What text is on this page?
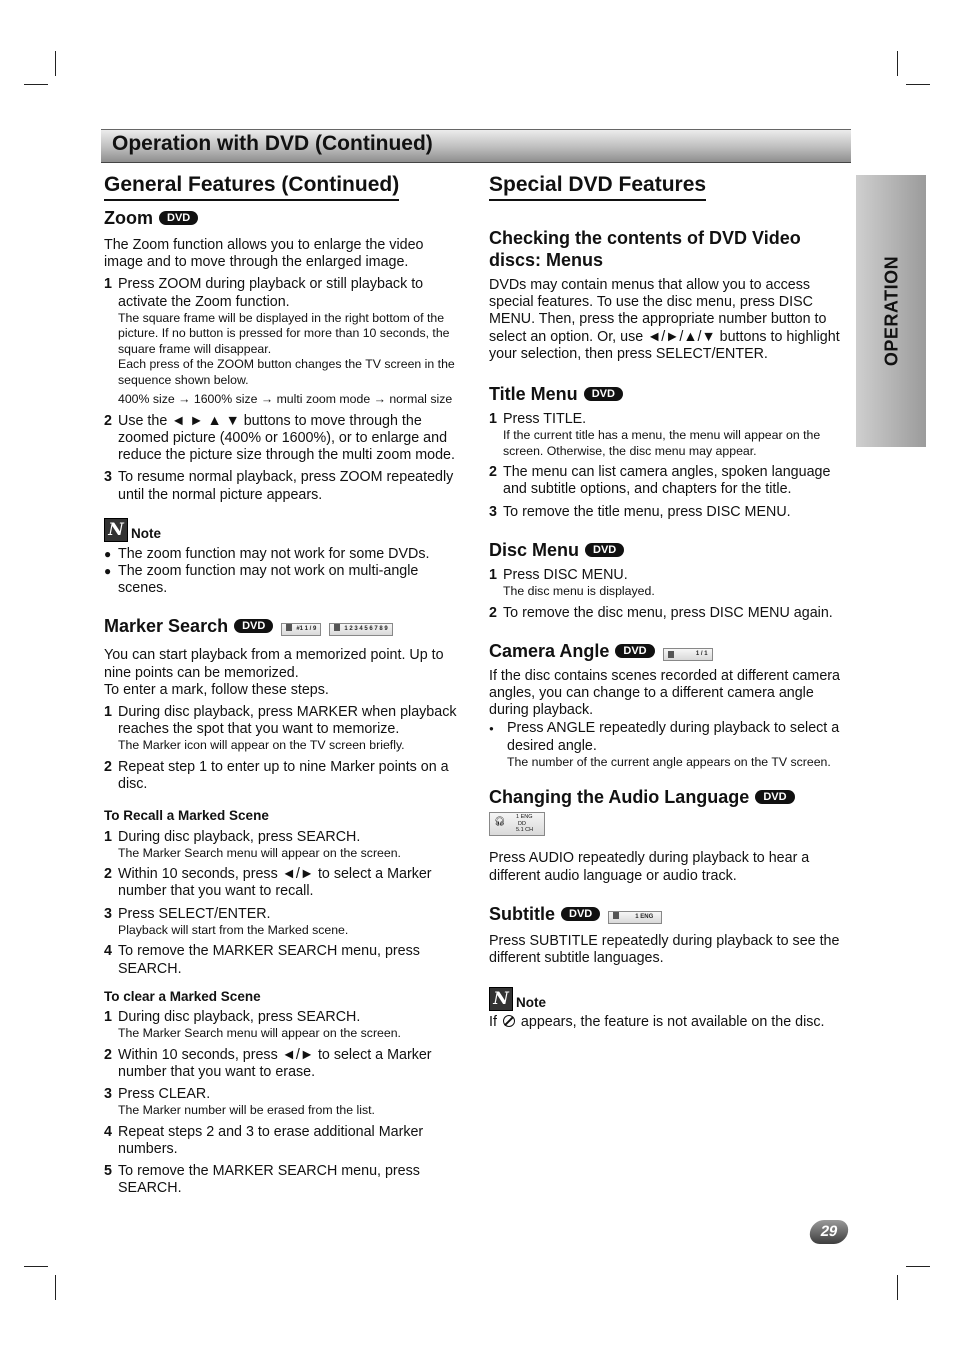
Operation with DVD (Continued)
OPERATION
General Features (Continued)
Zoom DVD

The Zoom function allows you to enlarge the video image and to move through the enlarged image.

1 Press ZOOM during playback or still playback to activate the Zoom function.

The square frame will be displayed in the right bottom of the picture. If no button is pressed for more than 10 seconds, the square frame will disappear.

Each press of the ZOOM button changes the TV screen in the sequence shown below.

400% size → 1600% size → multi zoom mode → normal size

2 Use the ◄ ► ▲ ▼ buttons to move through the zoomed picture (400% or 1600%), or to enlarge and reduce the picture size through the multi zoom mode.

3 To resume normal playback, press ZOOM repeatedly until the normal picture appears.

N Note
● The zoom function may not work for some DVDs.

● The zoom function may not work on multi-angle scenes.

Marker Search DVD	#1 1 / 9	1 2 3 4 5 6 7 8 9

You can start playback from a memorized point. Up to nine points can be memorized.

To enter a mark, follow these steps.

1 During disc playback, press MARKER when playback reaches the spot that you want to memorize.

The Marker icon will appear on the TV screen briefly.

2 Repeat step 1 to enter up to nine Marker points on a disc.

To Recall a Marked Scene

1 During disc playback, press SEARCH.

The Marker Search menu will appear on the screen.

2 Within 10 seconds, press ◄/► to select a Marker number that you want to recall.

3 Press SELECT/ENTER.

Playback will start from the Marked scene.

4 To remove the MARKER SEARCH menu, press SEARCH.

To clear a Marked Scene

1 During disc playback, press SEARCH.

The Marker Search menu will appear on the screen.

2 Within 10 seconds, press ◄/► to select a Marker number that you want to erase.

3 Press CLEAR.

The Marker number will be erased from the list.

4 Repeat steps 2 and 3 to erase additional Marker numbers.

5 To remove the MARKER SEARCH menu, press SEARCH.

Special DVD Features

Checking the contents of DVD Video discs: Menus

DVDs may contain menus that allow you to access special features. To use the disc menu, press DISC MENU. Then, press the appropriate number button to select an option. Or, use ◄/►/▲/▼ buttons to highlight your selection, then press SELECT/ENTER.

Title Menu DVD
1 Press TITLE.

If the current title has a menu, the menu will appear on the screen. Otherwise, the disc menu may appear.

2 The menu can list camera angles, spoken language and subtitle options, and chapters for the title.

3 To remove the title menu, press DISC MENU.

Disc Menu DVD
1 Press DISC MENU.

The disc menu is displayed.

2 To remove the disc menu, press DISC MENU again.

Camera Angle DVD	1 / 1

If the disc contains scenes recorded at different camera angles, you can change to a different camera angle during playback.

● Press ANGLE repeatedly during playback to select a desired angle.

The number of the current angle appears on the TV screen.

Changing the Audio Language DVD
🎧︎	1 ENG
DD
5.1 CH

Press AUDIO repeatedly during playback to hear a different audio language or audio track.

Subtitle DVD	1 ENG

Press SUBTITLE repeatedly during playback to see the different subtitle languages.

N Note

If appears, the feature is not available on the disc.

29
